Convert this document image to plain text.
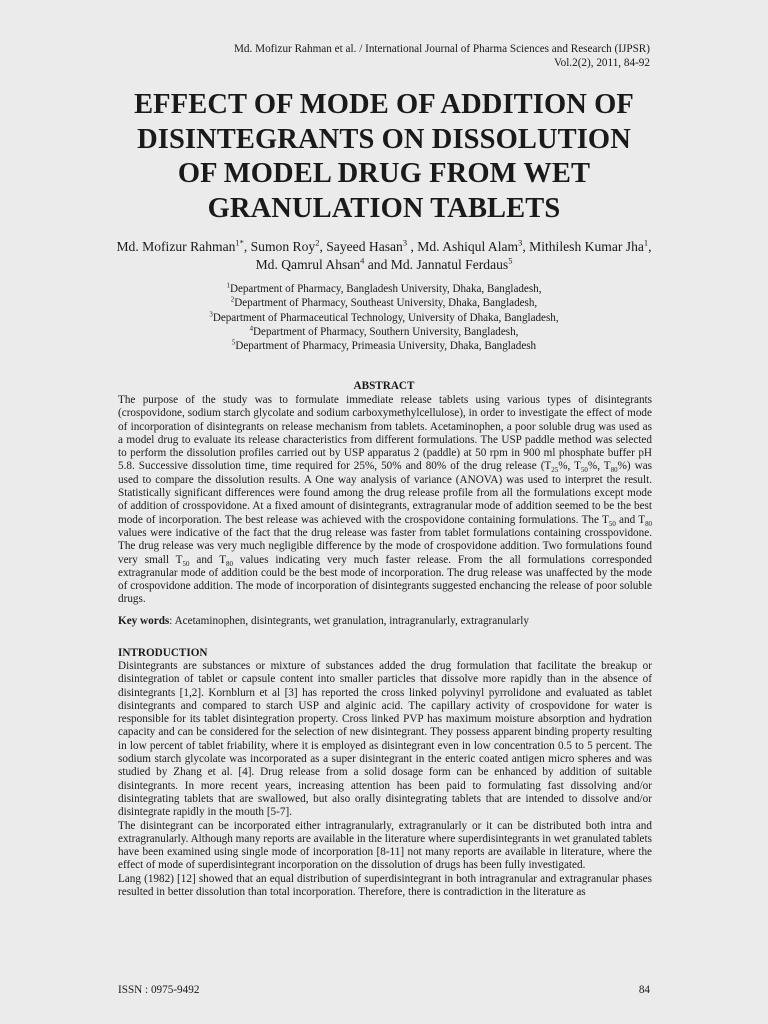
Md. Mofizur Rahman et al. / International Journal of Pharma Sciences and Research (IJPSR)
Vol.2(2), 2011, 84-92
EFFECT OF MODE OF ADDITION OF
DISINTEGRANTS ON DISSOLUTION
OF MODEL DRUG FROM WET
GRANULATION TABLETS
Md. Mofizur Rahman$^{1*}$, Sumon Roy$^2$, Sayeed Hasan$^3$ , Md. Ashiqul Alam$^3$, Mithilesh Kumar Jha$^1$, Md. Qamrul Ahsan$^4$ and Md. Jannatul Ferdaus$^5$
$^1$Department of Pharmacy, Bangladesh University, Dhaka, Bangladesh,
$^2$Department of Pharmacy, Southeast University, Dhaka, Bangladesh,
$^3$Department of Pharmaceutical Technology, University of Dhaka, Bangladesh,
$^4$Department of Pharmacy, Southern University, Bangladesh,
$^5$Department of Pharmacy, Primeasia University, Dhaka, Bangladesh
ABSTRACT
The purpose of the study was to formulate immediate release tablets using various types of disintegrants (crospovidone, sodium starch glycolate and sodium carboxymethylcellulose), in order to investigate the effect of mode of incorporation of disintegrants on release mechanism from tablets. Acetaminophen, a poor soluble drug was used as a model drug to evaluate its release characteristics from different formulations. The USP paddle method was selected to perform the dissolution profiles carried out by USP apparatus 2 (paddle) at 50 rpm in 900 ml phosphate buffer pH 5.8. Successive dissolution time, time required for 25%, 50% and 80% of the drug release ($T_{25}\%$, $T_{50}\%$, $T_{80}\%$) was used to compare the dissolution results. A One way analysis of variance (ANOVA) was used to interpret the result. Statistically significant differences were found among the drug release profile from all the formulations except mode of addition of crosspovidone. At a fixed amount of disintegrants, extragranular mode of addition seemed to be the best mode of incorporation. The best release was achieved with the crospovidone containing formulations. The $T_{50}$ and $T_{80}$ values were indicative of the fact that the drug release was faster from tablet formulations containing crosspovidone. The drug release was very much negligible difference by the mode of crospovidone addition. Two formulations found very small $T_{50}$ and $T_{80}$ values indicating very much faster release. From the all formulations corresponded extragranular mode of addition could be the best mode of incorporation. The drug release was unaffected by the mode of crospovidone addition. The mode of incorporation of disintegrants suggested enchancing the release of poor soluble drugs.
Key words: Acetaminophen, disintegrants, wet granulation, intragranularly, extragranularly
INTRODUCTION

Disintegrants are substances or mixture of substances added the drug formulation that facilitate the breakup or disintegration of tablet or capsule content into smaller particles that dissolve more rapidly than in the absence of disintegrants [1,2]. Kornblurn et al [3] has reported the cross linked polyvinyl pyrrolidone and evaluated as tablet disintegrants and compared to starch USP and alginic acid. The capillary activity of crospovidone for water is responsible for its tablet disintegration property. Cross linked PVP has maximum moisture absorption and hydration capacity and can be considered for the selection of new disintegrant. They possess apparent binding property resulting in low percent of tablet friability, where it is employed as disintegrant even in low concentration 0.5 to 5 percent. The sodium starch glycolate was incorporated as a super disintegrant in the enteric coated antigen micro spheres and was studied by Zhang et al. [4]. Drug release from a solid dosage form can be enhanced by addition of suitable disintegrants. In more recent years, increasing attention has been paid to formulating fast dissolving and/or disintegrating tablets that are swallowed, but also orally disintegrating tablets that are intended to dissolve and/or disintegrate rapidly in the mouth [5-7].

The disintegrant can be incorporated either intragranularly, extragranularly or it can be distributed both intra and extragranularly. Although many reports are available in the literature where superdisintegrants in wet granulated tablets have been examined using single mode of incorporation [8-11] not many reports are available in literature, where the effect of mode of superdisintegrant incorporation on the dissolution of drugs has been fully investigated.

Lang (1982) [12] showed that an equal distribution of superdisintegrant in both intragranular and extragranular phases resulted in better dissolution than total incorporation. Therefore, there is contradiction in the literature as

ISSN : 0975-9492	84
